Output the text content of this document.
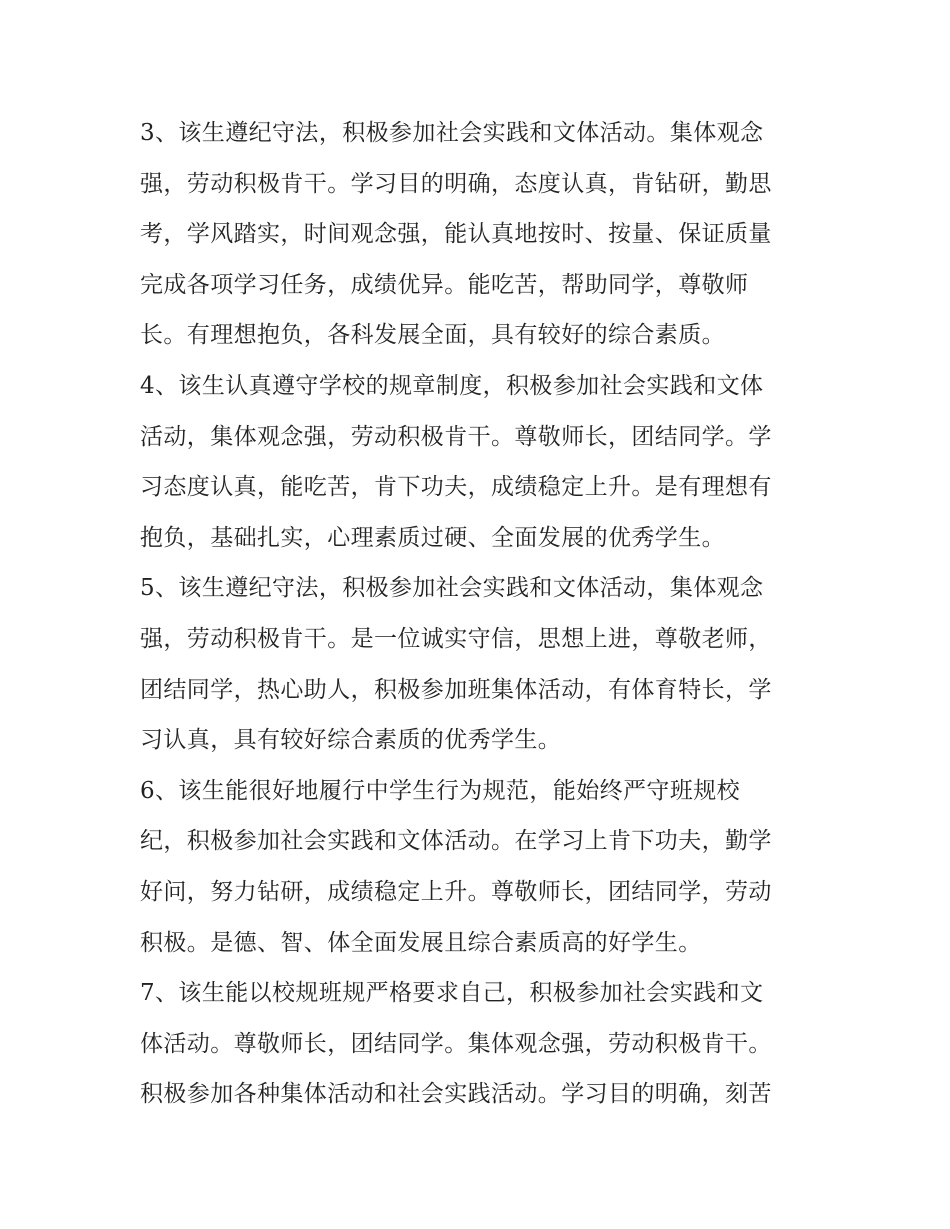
3、该生遵纪守法，积极参加社会实践和文体活动。集体观念
强，劳动积极肯干。学习目的明确，态度认真，肯钻研，勤思
考，学风踏实，时间观念强，能认真地按时、按量、保证质量
完成各项学习任务，成绩优异。能吃苦，帮助同学，尊敬师
长。有理想抱负，各科发展全面，具有较好的综合素质。
4、该生认真遵守学校的规章制度，积极参加社会实践和文体
活动，集体观念强，劳动积极肯干。尊敬师长，团结同学。学
习态度认真，能吃苦，肯下功夫，成绩稳定上升。是有理想有
抱负，基础扎实，心理素质过硬、全面发展的优秀学生。
5、该生遵纪守法，积极参加社会实践和文体活动，集体观念
强，劳动积极肯干。是一位诚实守信，思想上进，尊敬老师，
团结同学，热心助人，积极参加班集体活动，有体育特长，学
习认真，具有较好综合素质的优秀学生。
6、该生能很好地履行中学生行为规范，能始终严守班规校
纪，积极参加社会实践和文体活动。在学习上肯下功夫，勤学
好问，努力钻研，成绩稳定上升。尊敬师长，团结同学，劳动
积极。是德、智、体全面发展且综合素质高的好学生。
7、该生能以校规班规严格要求自己，积极参加社会实践和文
体活动。尊敬师长，团结同学。集体观念强，劳动积极肯干。
积极参加各种集体活动和社会实践活动。学习目的明确，刻苦
